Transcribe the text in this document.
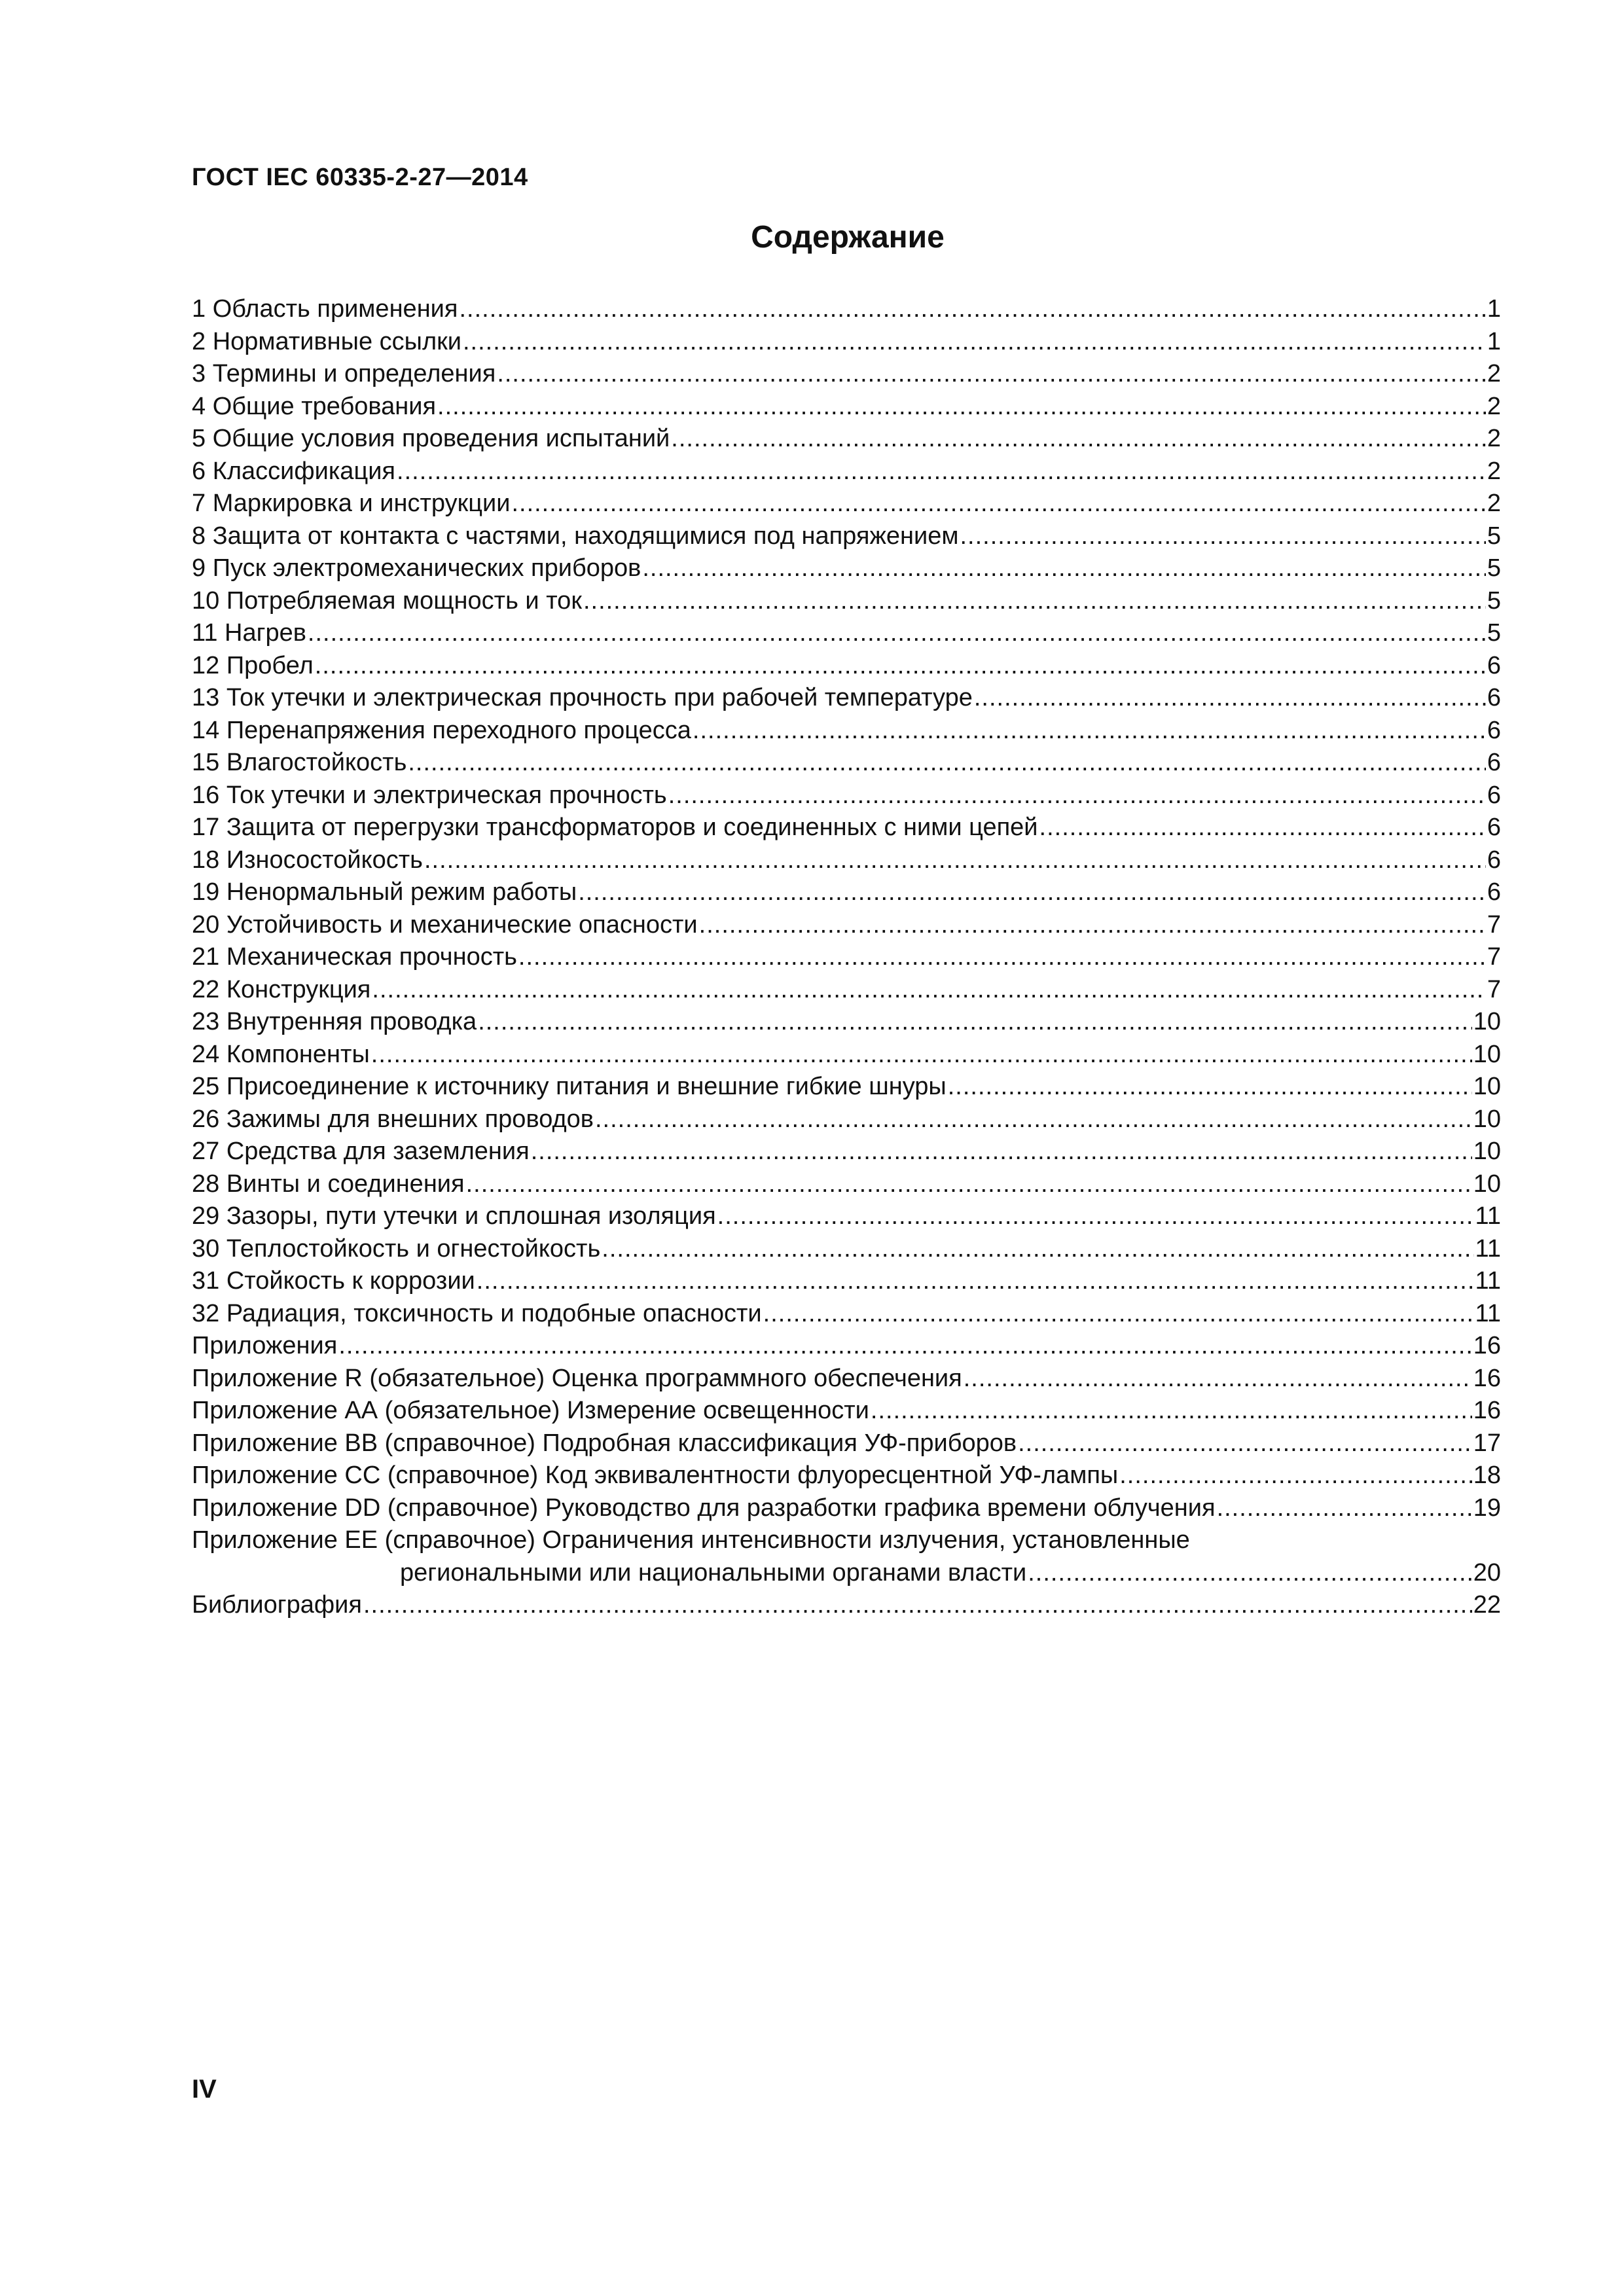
ГОСТ IEC 60335-2-27—2014
Содержание
1 Область применения .....	1
2 Нормативные ссылки .....	1
3 Термины и определения .....	2
4 Общие требования .....	2
5 Общие условия проведения испытаний .....	2
6 Классификация .....	2
7 Маркировка и инструкции .....	2
8 Защита от контакта с частями, находящимися под напряжением .....	5
9 Пуск электромеханических приборов .....	5
10 Потребляемая мощность и ток .....	5
11 Нагрев .....	5
12 Пробел .....	6
13 Ток утечки и электрическая прочность при рабочей температуре .....	6
14 Перенапряжения переходного процесса .....	6
15 Влагостойкость .....	6
16 Ток утечки и электрическая прочность .....	6
17 Защита от перегрузки трансформаторов и соединенных с ними цепей .....	6
18 Износостойкость .....	6
19 Ненормальный режим работы .....	6
20 Устойчивость и механические опасности .....	7
21 Механическая прочность .....	7
22 Конструкция .....	7
23 Внутренняя проводка .....	10
24 Компоненты .....	10
25 Присоединение к источнику питания и внешние гибкие шнуры .....	10
26 Зажимы для внешних проводов .....	10
27 Средства для заземления .....	10
28 Винты и соединения .....	10
29 Зазоры, пути утечки и сплошная изоляция .....	11
30 Теплостойкость и огнестойкость .....	11
31 Стойкость к коррозии .....	11
32 Радиация, токсичность и подобные опасности .....	11
Приложения .....	16
Приложение R (обязательное) Оценка программного обеспечения .....	16
Приложение АА (обязательное) Измерение освещенности .....	16
Приложение ВВ (справочное) Подробная классификация УФ-приборов .....	17
Приложение СС (справочное) Код эквивалентности флуоресцентной УФ-лампы .....	18
Приложение DD (справочное) Руководство для разработки графика времени облучения .....	19
Приложение ЕЕ (справочное) Ограничения интенсивности излучения, установленные
региональными или национальными органами власти .....	20
Библиография .....	22
IV
